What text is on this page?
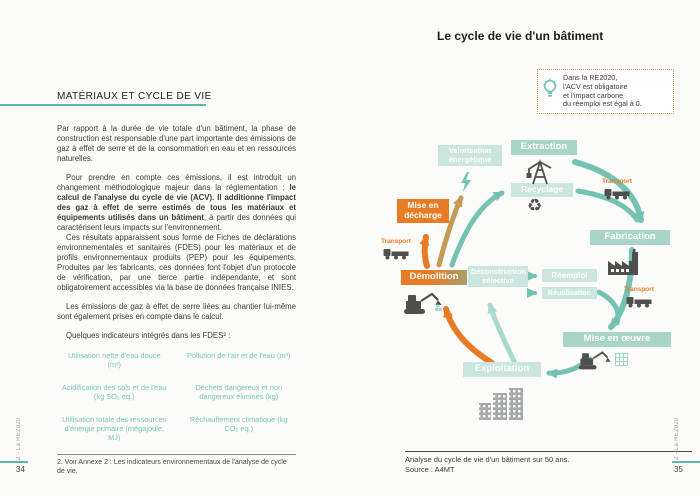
MATÉRIAUX ET CYCLE DE VIE

Par rapport à la durée de vie totale d'un bâtiment, la phase de construction est responsable d'une part importante des émissions de gaz à effet de serre et de la consommation en eau et en ressources naturelles.

Pour prendre en compte ces émissions, il est introduit un changement méthodologique majeur dans la réglementation : le calcul de l'analyse du cycle de vie (ACV). Il additionne l'impact des gaz à effet de serre estimés de tous les matériaux et équipements utilisés dans un bâtiment, à partir des données qui caractérisent leurs impacts sur l'environnement.

Ces résultats apparaissent sous forme de Fiches de déclarations environnementales et sanitaires (FDES) pour les matériaux et de profils environnementaux produits (PEP) pour les équipements. Produites par les fabricants, ces données font l'objet d'un protocole de vérification, par une tierce partie indépendante, et sont obligatoirement accessibles via la base de données française INIES.

Les émissions de gaz à effet de serre liées au chantier lui-même sont également prises en compte dans le calcul.

Quelques indicateurs intégrés dans les FDES² :

Utilisation nette d'eau douce (m³)
Pollution de l'air et de l'eau (m³)
Acidification des sols et de l'eau (kg SO₂ eq.)
Déchets dangereux et non dangereux éliminés (kg)
Utilisation totale des ressources d'énergie primaire (mégajoule, MJ)
Réchauffement climatique (kg CO₂ eq.)
2. Voir Annexe 2 : Les indicateurs environnementaux de l'analyse de cycle de vie.
2 - La RE2020
34
Le cycle de vie d'un bâtiment
Dans la RE2020,
l'ACV est obligatoire
et l'impact carbone
du réemploi est égal à 0.
Valorisation énergétique
Extraction
Recyclage
Fabrication
Mise en œuvre
Exploitation
Mise en décharge
Démolition	Déconstruction sélective
Réemploi
Réutilisation
Transport
Transport
Transport
♻
Analyse du cycle de vie d'un bâtiment sur 50 ans.
Source : A4MT
2 - La RE2020
35
